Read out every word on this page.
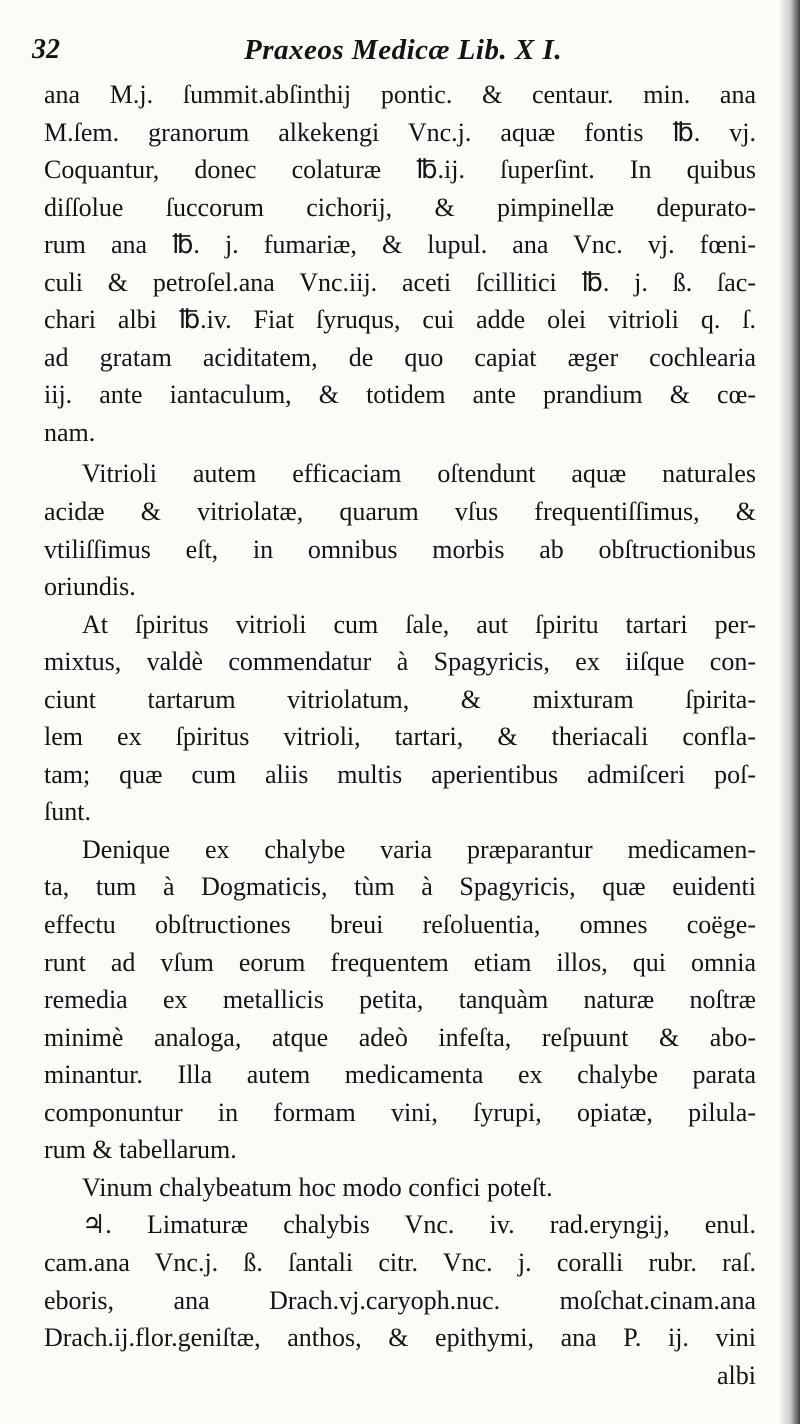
32	Praxeos Medicæ Lib. X I.
ana M.j. ſummit.abſinthij pontic. & centaur. min. ana
M.ſem. granorum alkekengi Vnc.j. aquæ fontis ℔. vj.
Coquantur, donec colaturæ ℔.ij. ſuperſint. In quibus
diſſolue ſuccorum cichorij, & pimpinellæ depurato-
rum ana ℔. j. fumariæ, & lupul. ana Vnc. vj. fœni-
culi & petroſel.ana Vnc.iij. aceti ſcillitici ℔. j. ß. ſac-
chari albi ℔.iv. Fiat ſyruqus, cui adde olei vitrioli q. ſ.
ad gratam aciditatem, de quo capiat æger cochlearia
iij. ante iantaculum, & totidem ante prandium & cœ-
nam.
Vitrioli autem efficaciam oſtendunt aquæ naturales
acidæ & vitriolatæ, quarum vſus frequentiſſimus, &
vtiliſſimus eſt, in omnibus morbis ab obſtructionibus
oriundis.
At ſpiritus vitrioli cum ſale, aut ſpiritu tartari per-
mixtus, valdè commendatur à Spagyricis, ex iiſque con-
ciunt tartarum vitriolatum, & mixturam ſpirita-
lem ex ſpiritus vitrioli, tartari, & theriacali confla-
tam; quæ cum aliis multis aperientibus admiſceri poſ-
ſunt.
Denique ex chalybe varia præparantur medicamen-
ta, tum à Dogmaticis, tùm à Spagyricis, quæ euidenti
effectu obſtructiones breui reſoluentia, omnes coëge-
runt ad vſum eorum frequentem etiam illos, qui omnia
remedia ex metallicis petita, tanquàm naturæ noſtræ
minimè analoga, atque adeò infeſta, reſpuunt & abo-
minantur. Illa autem medicamenta ex chalybe parata
componuntur in formam vini, ſyrupi, opiatæ, pilula-
rum & tabellarum.
Vinum chalybeatum hoc modo confici poteſt.
♃. Limaturæ chalybis Vnc. iv. rad.eryngij, enul.
cam.ana Vnc.j. ß. ſantali citr. Vnc. j. coralli rubr. raſ.
eboris, ana Drach.vj.caryoph.nuc. moſchat.cinam.ana
Drach.ij.flor.geniſtæ, anthos, & epithymi, ana P. ij. vini
albi
